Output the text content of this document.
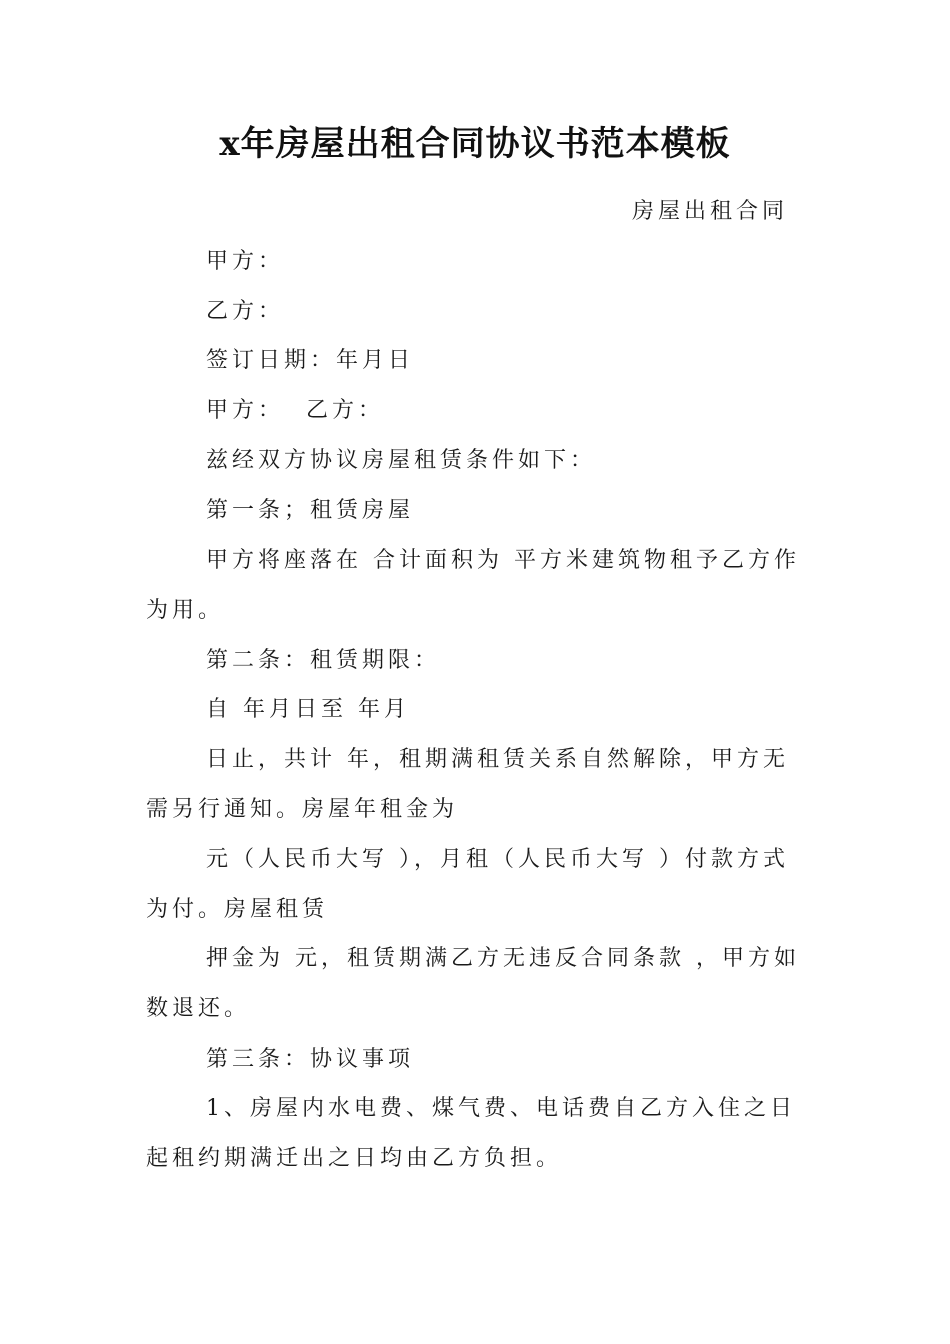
x年房屋出租合同协议书范本模板
房屋出租合同
甲方：
乙方：
签订日期：年月日
甲方：  乙方：
兹经双方协议房屋租赁条件如下：
第一条；租赁房屋

甲方将座落在 合计面积为 平方米建筑物租予乙方作为用。

第二条：租赁期限：
自 年月日至 年月

日止，共计 年，租期满租赁关系自然解除，甲方无需另行通知。房屋年租金为

元（人民币大写 ），月租（人民币大写 ）付款方式为付。房屋租赁

押金为 元，租赁期满乙方无违反合同条款 ，甲方如数退还。

第三条：协议事项

1、房屋内水电费、煤气费、电话费自乙方入住之日起租约期满迁出之日均由乙方负担。
